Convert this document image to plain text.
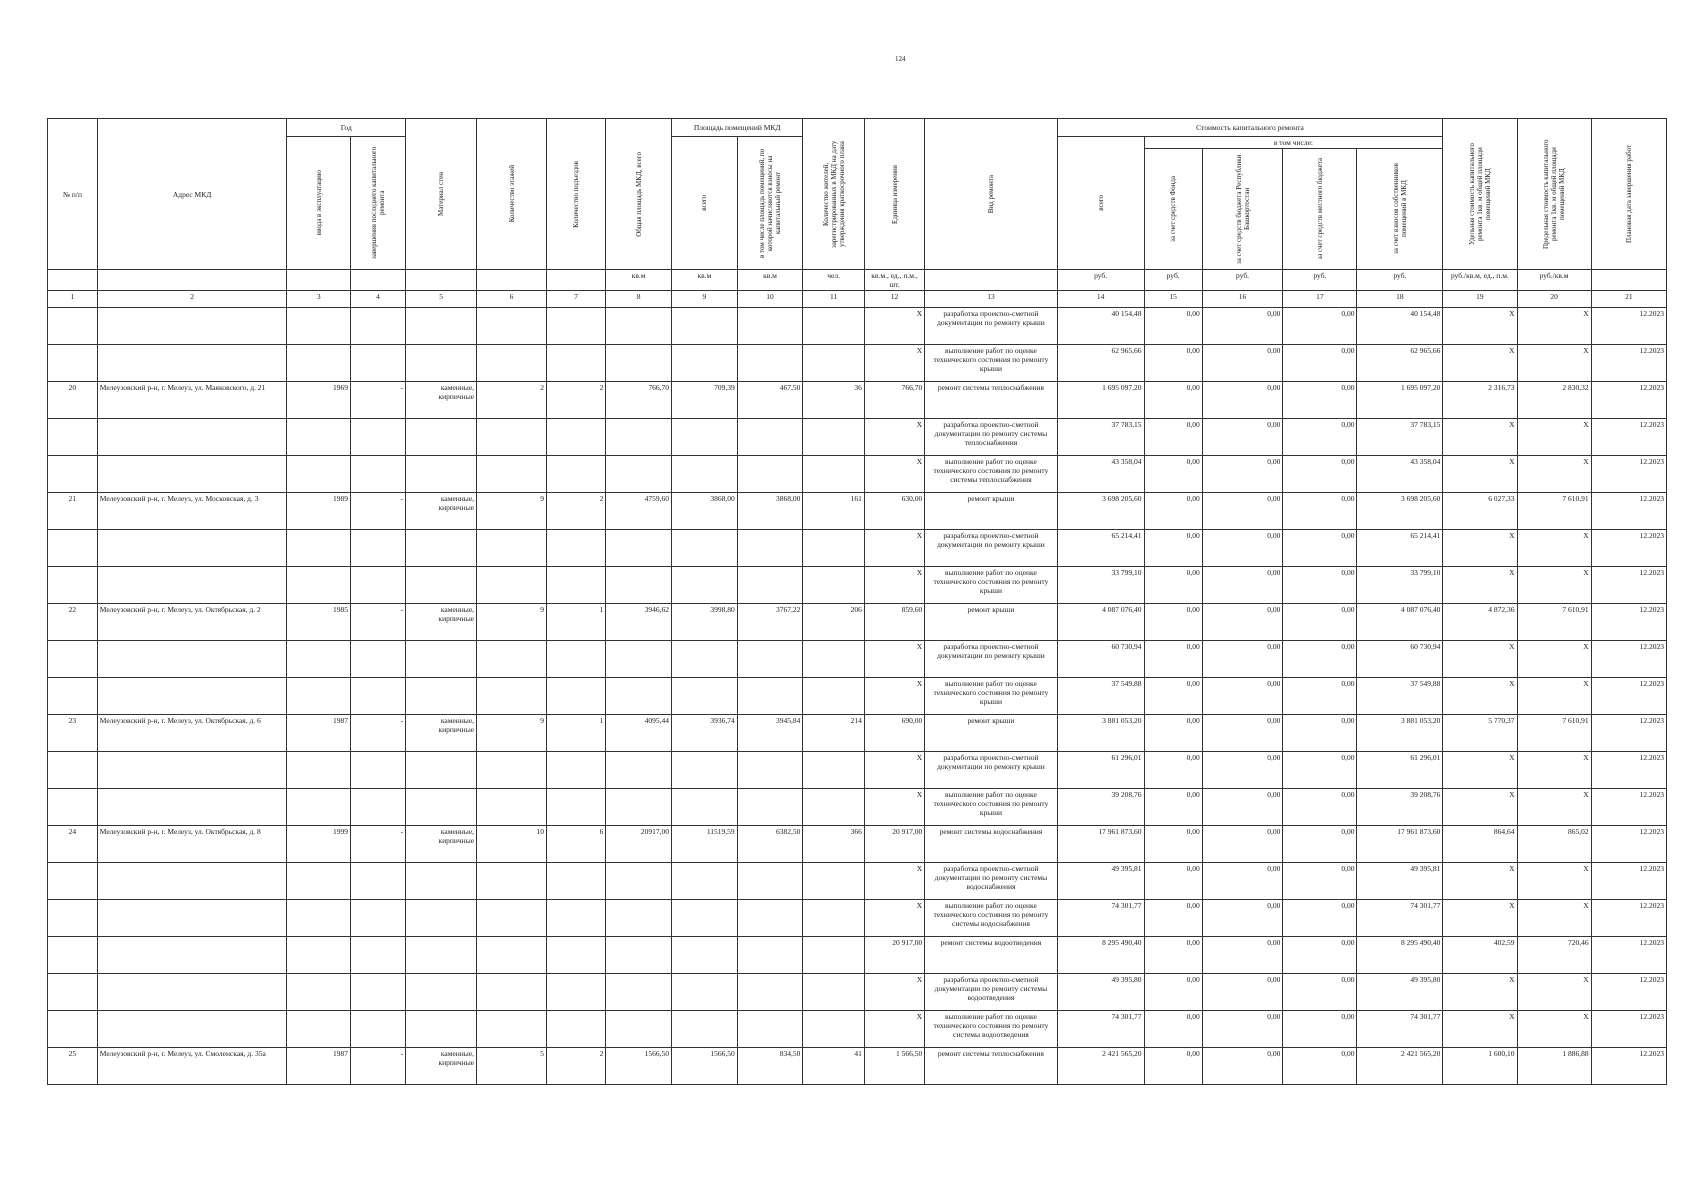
124
№ п/п	Адрес МКД	Год		Материал стен	Количество этажей	Количество подъездов	Общая площадь МКД, всего	Площадь помещений МКД		Количество жителей, зарегистрированных в МКД на дату утверждения краткосрочного плана	Единица измерения	Вид ремонта	Стоимость капитального ремонта					Удельная стоимость капитального ремонта 1кв. м общей площади помещений МКД	Предельная стоимость капитального ремонта 1кв. м общей площади помещений МКД	Плановая дата завершения работ

		ввода в эксплуатацию	завершения последнего капитального ремонта					всего	в том числе площадь помещений, по которой начисляются взносы на капитальный ремонт				всего	в том числе:						

														за счет средств Фонда	за счет средств бюджета Республики Башкортостан	за счет средств местного бюджета	за счет взносов собственников помещений в МКД			

							кв.м	кв.м	кв.м	чел.	кв.м., ед., п.м., шт.		руб.	руб.	руб.	руб.	руб.	руб./кв.м, ед., п.м.	руб./кв.м	
1	2	3	4	5	6	7	8	9	10	11	12	13	14	15	16	17	18	19	20	21
											X	разработка проектно-сметной документации по ремонту крыши	40 154,48	0,00	0,00	0,00	40 154,48	X	X	12.2023
											X	выполнение работ по оценке технического состояния по ремонту крыши	62 965,66	0,00	0,00	0,00	62 965,66	X	X	12.2023
20	Мелеузовский р-н, г. Мелеуз, ул. Маяковского, д. 21	1969	-	каменные, кирпичные	2	2	766,70	709,39	467,50	36	766,70	ремонт системы теплоснабжения	1 695 097,20	0,00	0,00	0,00	1 695 097,20	2 316,73	2 830,32	12.2023
											X	разработка проектно-сметной документации по ремонту системы теплоснабжения	37 783,15	0,00	0,00	0,00	37 783,15	X	X	12.2023
											X	выполнение работ по оценке технического состояния по ремонту системы теплоснабжения	43 358,04	0,00	0,00	0,00	43 358,04	X	X	12.2023
21	Мелеузовский р-н, г. Мелеуз, ул. Московская, д. 3	1989	-	каменные, кирпичные	9	2	4759,60	3868,00	3868,00	161	630,00	ремонт крыши	3 698 205,60	0,00	0,00	0,00	3 698 205,60	6 027,33	7 610,91	12.2023
											X	разработка проектно-сметной документации по ремонту крыши	65 214,41	0,00	0,00	0,00	65 214,41	X	X	12.2023
											X	выполнение работ по оценке технического состояния по ремонту крыши	33 799,10	0,00	0,00	0,00	33 799,10	X	X	12.2023
22	Мелеузовский р-н, г. Мелеуз, ул. Октябрьская, д. 2	1985	-	каменные, кирпичные	9	1	3946,62	3998,80	3767,22	206	859,60	ремонт крыши	4 087 076,40	0,00	0,00	0,00	4 087 076,40	4 872,36	7 610,91	12.2023
											X	разработка проектно-сметной документации по ремонту крыши	60 730,94	0,00	0,00	0,00	60 730,94	X	X	12.2023
											X	выполнение работ по оценке технического состояния по ремонту крыши	37 549,88	0,00	0,00	0,00	37 549,88	X	X	12.2023
23	Мелеузовский р-н, г. Мелеуз, ул. Октябрьская, д. 6	1987	-	каменные, кирпичные	9	1	4095,44	3936,74	3945,84	214	690,00	ремонт крыши	3 881 053,20	0,00	0,00	0,00	3 881 053,20	5 770,37	7 610,91	12.2023
											X	разработка проектно-сметной документации по ремонту крыши	61 296,01	0,00	0,00	0,00	61 296,01	X	X	12.2023
											X	выполнение работ по оценке технического состояния по ремонту крыши	39 208,76	0,00	0,00	0,00	39 208,76	X	X	12.2023
24	Мелеузовский р-н, г. Мелеуз, ул. Октябрьская, д. 8	1999	-	каменные, кирпичные	10	6	20917,00	11519,59	6382,50	366	20 917,00	ремонт системы водоснабжения	17 961 873,60	0,00	0,00	0,00	17 961 873,60	864,64	865,02	12.2023
											X	разработка проектно-сметной документации по ремонту системы водоснабжения	49 395,81	0,00	0,00	0,00	49 395,81	X	X	12.2023
											X	выполнение работ по оценке технического состояния по ремонту системы водоснабжения	74 301,77	0,00	0,00	0,00	74 301,77	X	X	12.2023
											20 917,00	ремонт системы водоотведения	8 295 490,40	0,00	0,00	0,00	8 295 490,40	402,59	720,46	12.2023
											X	разработка проектно-сметной документации по ремонту системы водоотведения	49 395,80	0,00	0,00	0,00	49 395,80	X	X	12.2023
											X	выполнение работ по оценке технического состояния по ремонту системы водоотведения	74 301,77	0,00	0,00	0,00	74 301,77	X	X	12.2023
25	Мелеузовский р-н, г. Мелеуз, ул. Смоленская, д. 35а	1987	-	каменные, кирпичные	5	2	1566,50	1566,50	834,50	41	1 566,50	ремонт системы теплоснабжения	2 421 565,20	0,00	0,00	0,00	2 421 565,20	1 600,10	1 886,88	12.2023
